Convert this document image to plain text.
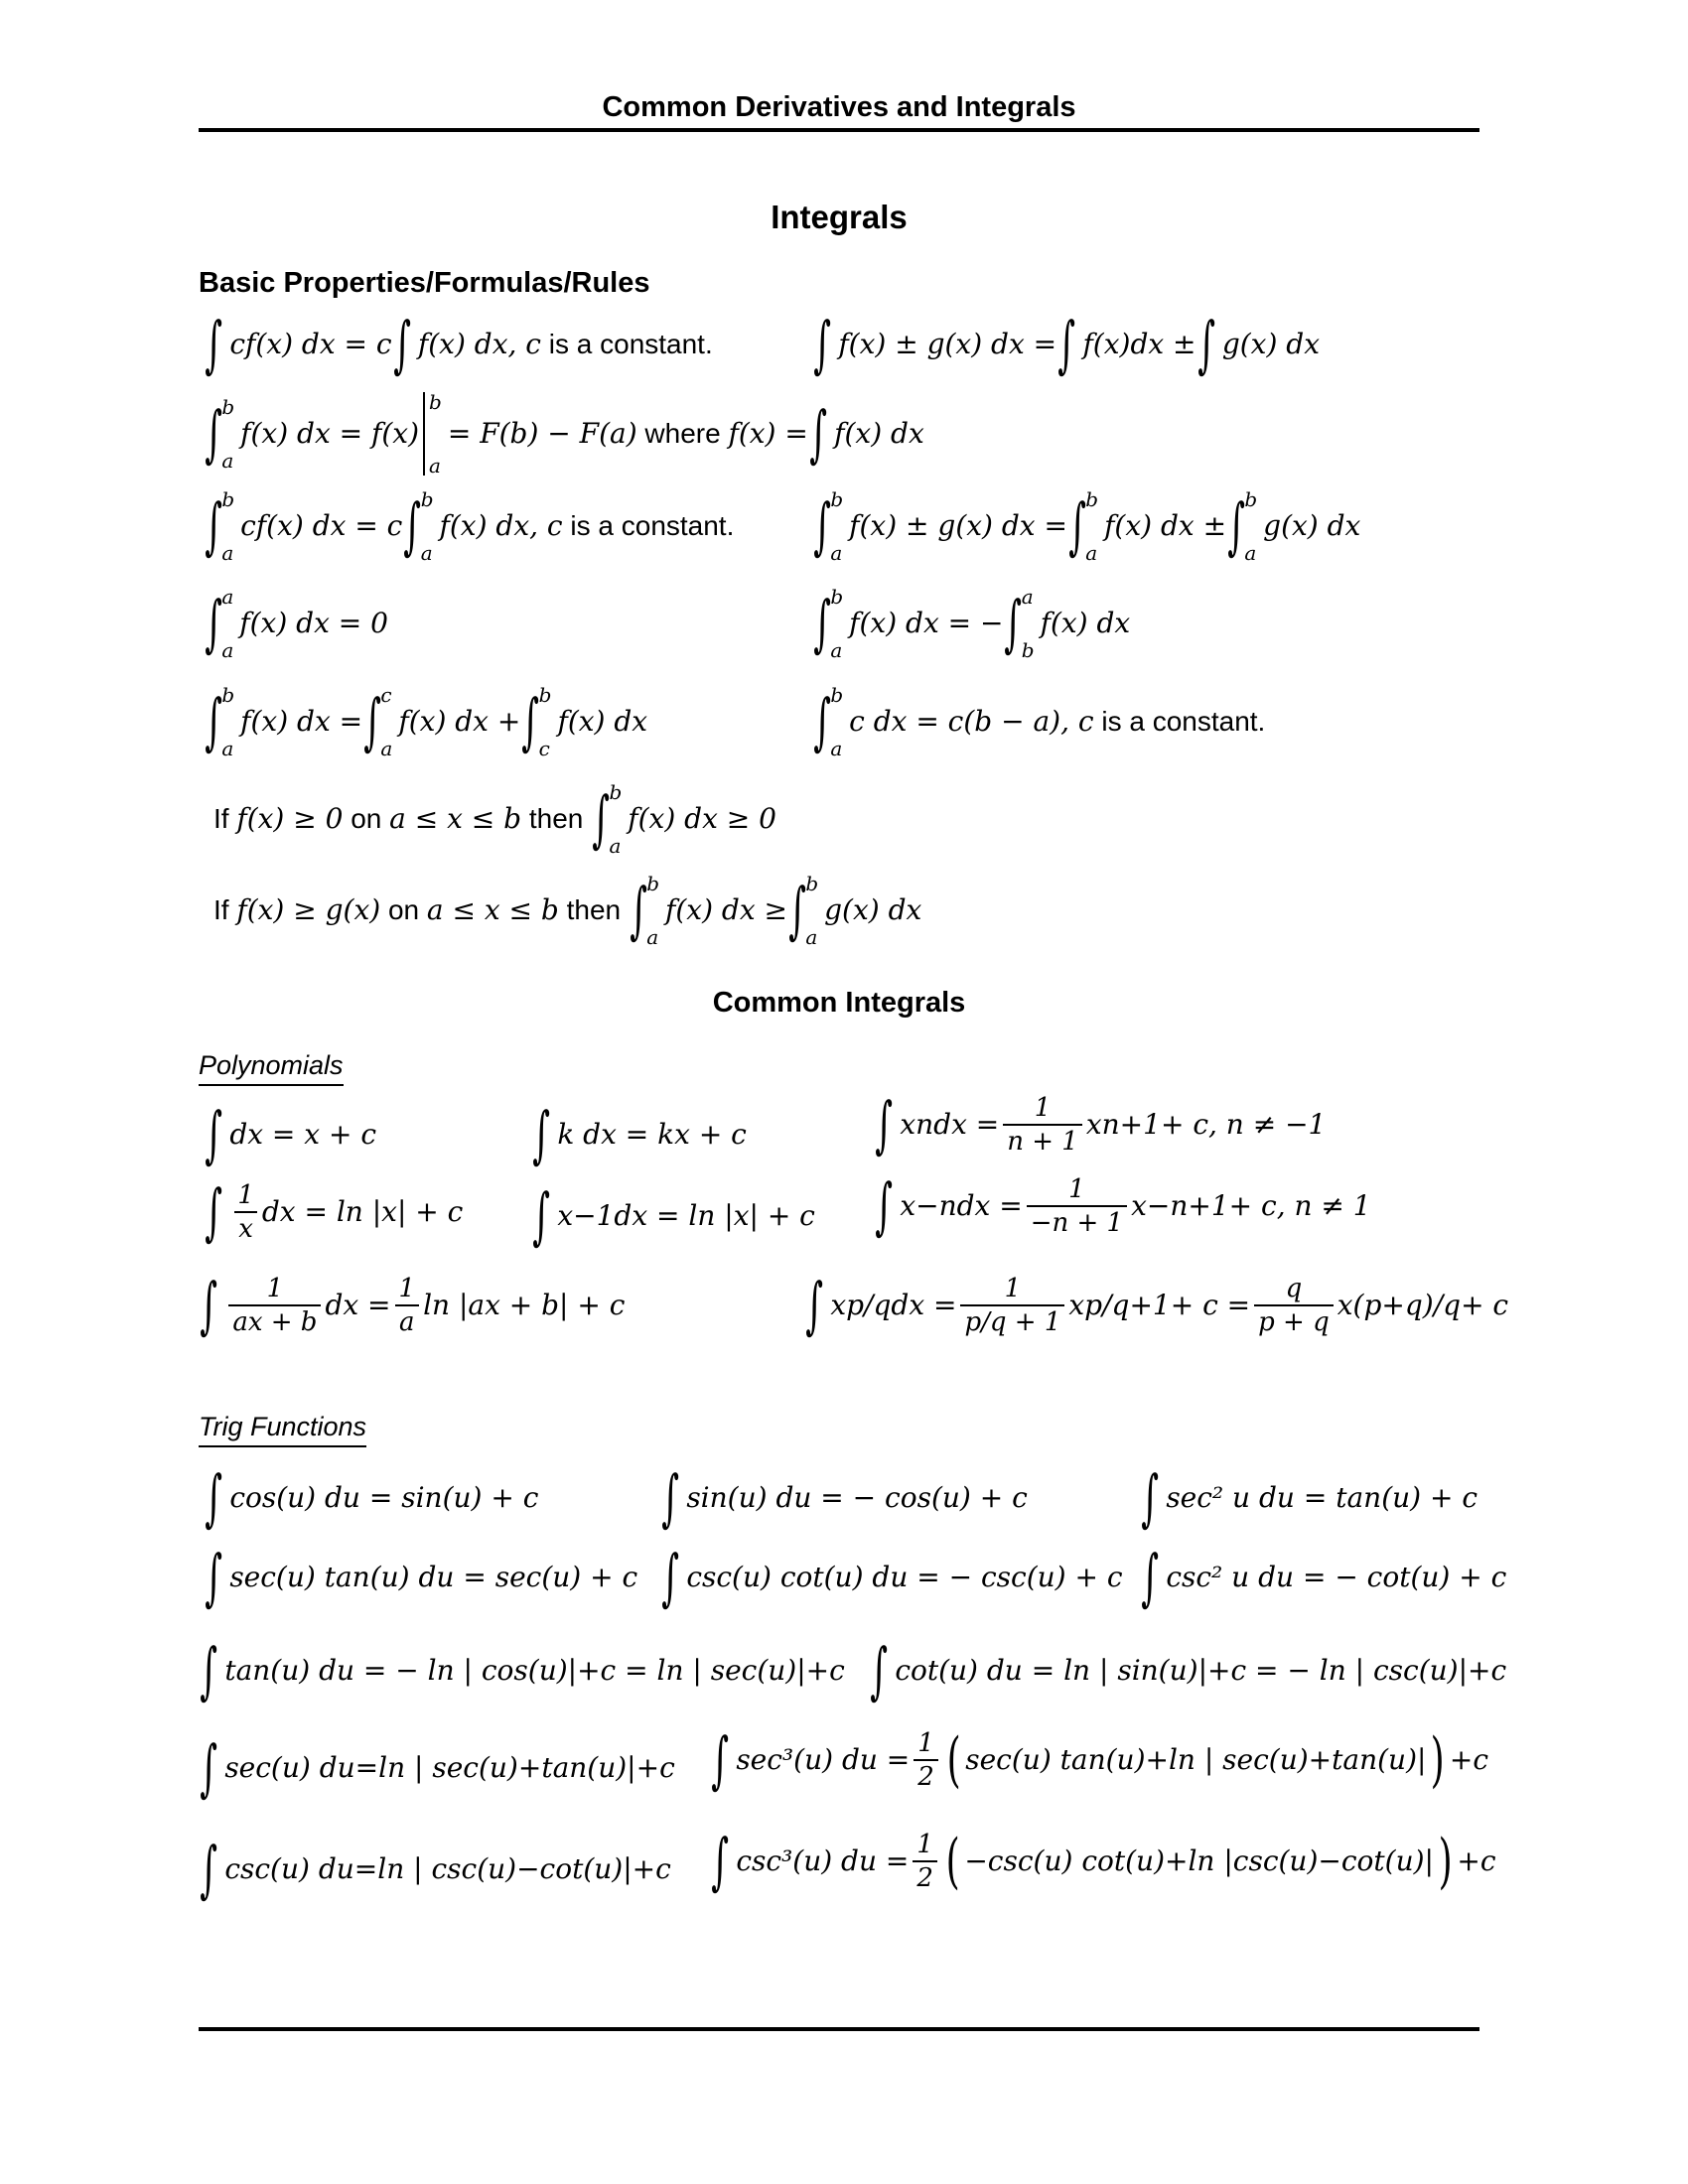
Common Derivatives and Integrals
Integrals
Basic Properties/Formulas/Rules
∫ cf(x) dx = c ∫ f(x) dx, c
is a constant. ∫ f(x) ± g(x) dx = ∫ f(x)dx ± ∫ g(x) dx
∫ b
a
f(x) dx = f(x)
b
a
= F(b) − F(a)
where
f(x) = ∫ f(x) dx
∫ b
a
cf(x) dx = c ∫ b
a
f(x) dx, c
is a constant. ∫ b
a
f(x) ± g(x) dx = ∫ b
a
f(x) dx ± ∫ b
a
g(x) dx
∫ a
a
f(x) dx = 0	∫ b
a
f(x) dx = − ∫ a
b
f(x) dx
∫ b
a
f(x) dx = ∫ c
a
f(x) dx + ∫ b
c
f(x) dx	∫ b
a
c dx = c(b − a), c
is a constant.
If
f(x) ≥ 0
on
a ≤ x ≤ b
then
∫ b
a
f(x) dx ≥ 0
If
f(x) ≥ g(x)
on
a ≤ x ≤ b
then
∫ b
a
f(x) dx ≥ ∫ b
a
g(x) dx
Common Integrals
Polynomials
∫ dx = x + c	∫ k dx = kx + c ∫ x n dx = $\frac{1}{n + 1}$ x n+1 + c, n ≠ −1
∫ $\frac{1}{x}$ dx = ln |x| + c ∫ x −1 dx = ln |x| + c ∫ x −n dx = $\frac{1}{-n + 1}$ x −n+1 + c, n ≠ 1
∫ $\frac{1}{ax + b}$ dx = $\frac{1}{a}$ ln |ax + b| + c	∫ x p/q dx = $\frac{1}{p/q + 1}$ x $p/q+1 + c = \frac{q}{p + q}$ x (p+q)/q + c
Trig Functions
∫ cos(u) du = sin(u) + c ∫ sin(u) du = − cos(u) + c ∫ sec² u du = tan(u) + c
∫ sec(u) tan(u) du = sec(u) + c ∫ csc(u) cot(u) du = − csc(u) + c ∫ csc² u du = − cot(u) + c
∫ tan(u) du = − ln | cos(u)|+c = ln | sec(u)|+c ∫ cot(u) du = ln | sin(u)|+c = − ln | csc(u)|+c
∫ sec(u) du=ln | sec(u)+tan(u)|+c ∫ sec³(u) du = $\frac{1}{2}$ ( sec(u) tan(u)+ln | sec(u)+tan(u)| ) +c
∫ csc(u) du=ln | csc(u)−cot(u)|+c ∫ csc³(u) du = $\frac{1}{2}$ ( −csc(u) cot(u)+ln |csc(u)−cot(u)| ) +c
